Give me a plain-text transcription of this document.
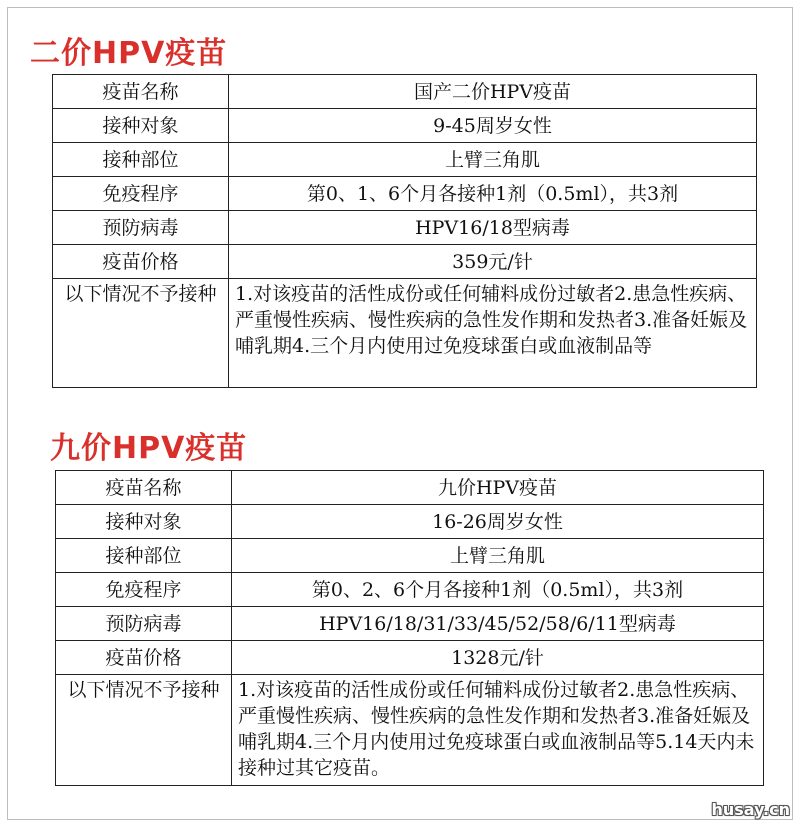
二价HPV疫苗
疫苗名称	国产二价HPV疫苗
接种对象	9-45周岁女性
接种部位	上臂三角肌
免疫程序	第0、1、6个月各接种1剂（0.5ml），共3剂
预防病毒	HPV16/18型病毒
疫苗价格	359元/针
以下情况不予接种	1.对该疫苗的活性成份或任何辅料成份过敏者2.患急性疾病、严重慢性疾病、慢性疾病的急性发作期和发热者3.准备妊娠及哺乳期4.三个月内使用过免疫球蛋白或血液制品等
九价HPV疫苗
疫苗名称	九价HPV疫苗
接种对象	16-26周岁女性
接种部位	上臂三角肌
免疫程序	第0、2、6个月各接种1剂（0.5ml），共3剂
预防病毒	HPV16/18/31/33/45/52/58/6/11型病毒
疫苗价格	1328元/针
以下情况不予接种	1.对该疫苗的活性成份或任何辅料成份过敏者2.患急性疾病、严重慢性疾病、慢性疾病的急性发作期和发热者3.准备妊娠及哺乳期4.三个月内使用过免疫球蛋白或血液制品等5.14天内未接种过其它疫苗。
husay.cn
